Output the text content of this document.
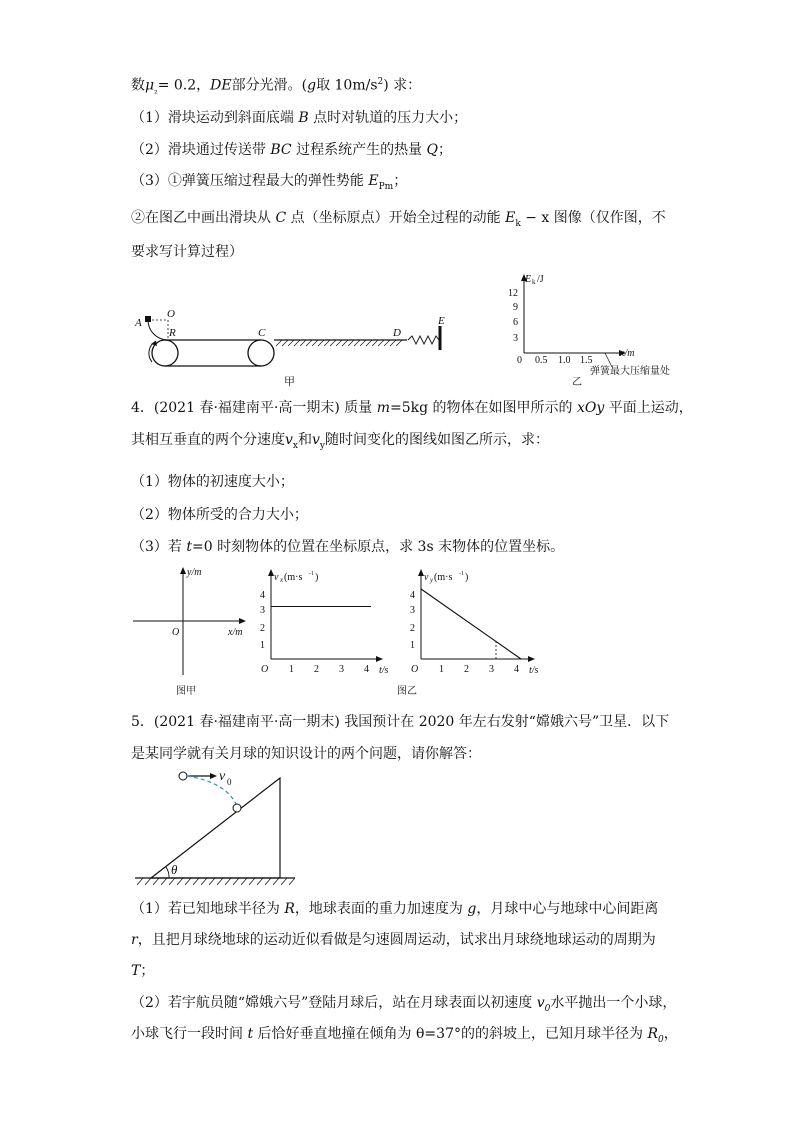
数$\mu_{_2}= 0.2$，DE部分光滑。(g取 $10m/s^2$) 求：
（1）滑块运动到斜面底端 B 点时对轨道的压力大小；
（2）滑块通过传送带 BC 过程系统产生的热量 Q；
（3）①弹簧压缩过程最大的弹性势能 $E_{Pm}$；
②在图乙中画出滑块从 C 点（坐标原点）开始全过程的动能 $E_k - x$ 图像（仅作图，不
要求写计算过程）
A
O
R	C	D
E
甲
E k /J
12
9
6
3
0 0.5 1.0 1.5
x/m
弹簧最大压缩量处
乙
4．(2021 春·福建南平·高一期末) 质量 m=5kg 的物体在如图甲所示的 xOy 平面上运动，
其相互垂直的两个分速度$v_x$和$v_y$随时间变化的图线如图乙所示，求：
（1）物体的初速度大小；
（2）物体所受的合力大小；
（3）若 t=0 时刻物体的位置在坐标原点，求 3s 末物体的位置坐标。
y/m
x/m
O
图甲
v x (m·s -1 )
4
3
2
1
O 1 2 3 4 t/s
v y (m·s -1 )
4
3
2
1
O 1 2 3 4 t/s
图乙
5．(2021 春·福建南平·高一期末) 我国预计在 2020 年左右发射“嫦娥六号”卫星．以下
是某同学就有关月球的知识设计的两个问题，请你解答：
θ
v 0
（1）若已知地球半径为 R，地球表面的重力加速度为 g，月球中心与地球中心间距离
r，且把月球绕地球的运动近似看做是匀速圆周运动，试求出月球绕地球运动的周期为
T；
（2）若宇航员随“嫦娥六号”登陆月球后，站在月球表面以初速度 $v_0$水平抛出一个小球，
小球飞行一段时间 t 后恰好垂直地撞在倾角为 θ=37°的的斜坡上，已知月球半径为 $R_0$，
